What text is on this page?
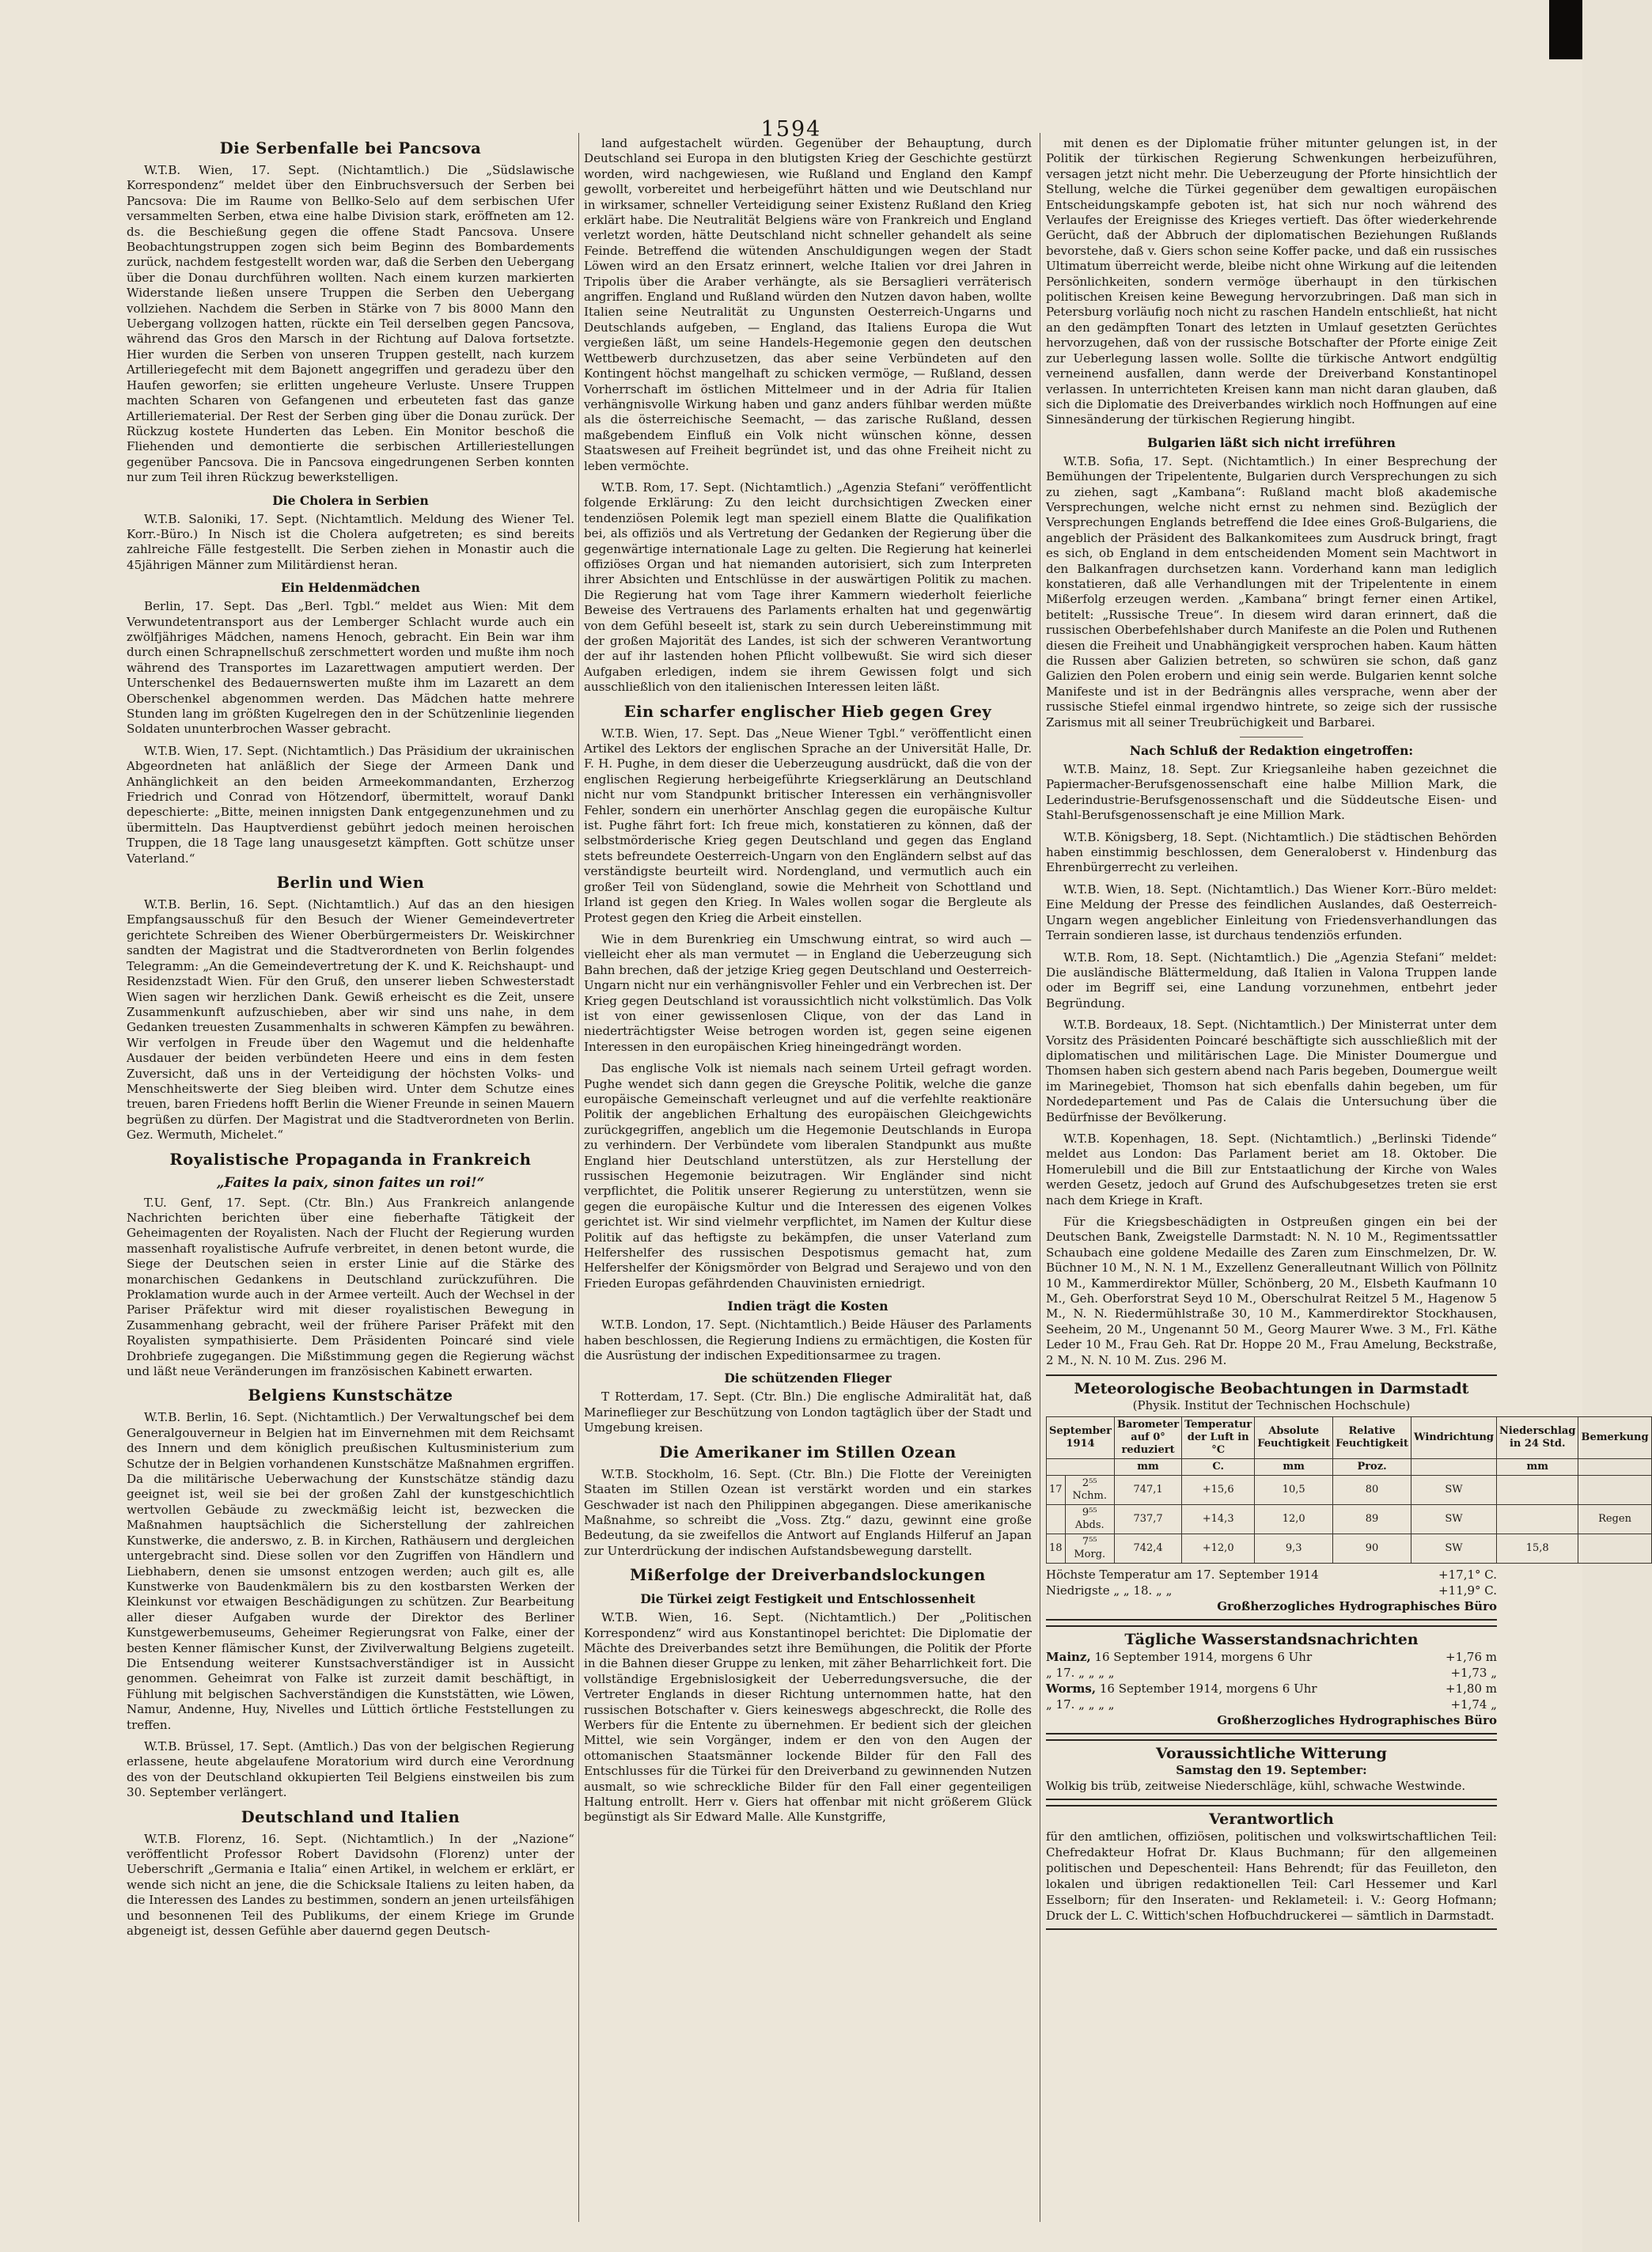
1594
Die Serbenfalle bei Pancsova
W.T.B. Wien, 17. Sept. (Nichtamtlich.) Die „Südslawische Korrespondenz“ meldet über den Einbruchsversuch der Serben bei Pancsova: Die im Raume von Bellko-Selo auf dem serbischen Ufer versammelten Serben, etwa eine halbe Division stark, eröffneten am 12. ds. die Beschießung gegen die offene Stadt Pancsova. Unsere Beobachtungstruppen zogen sich beim Beginn des Bombardements zurück, nachdem festgestellt worden war, daß die Serben den Uebergang über die Donau durchführen wollten. Nach einem kurzen markierten Widerstande ließen unsere Truppen die Serben den Uebergang vollziehen. Nachdem die Serben in Stärke von 7 bis 8000 Mann den Uebergang vollzogen hatten, rückte ein Teil derselben gegen Pancsova, während das Gros den Marsch in der Richtung auf Dalova fortsetzte. Hier wurden die Serben von unseren Truppen gestellt, nach kurzem Artilleriegefecht mit dem Bajonett angegriffen und geradezu über den Haufen geworfen; sie erlitten ungeheure Verluste. Unsere Truppen machten Scharen von Gefangenen und erbeuteten fast das ganze Artilleriematerial. Der Rest der Serben ging über die Donau zurück. Der Rückzug kostete Hunderten das Leben. Ein Monitor beschoß die Fliehenden und demontierte die serbischen Artilleriestellungen gegenüber Pancsova. Die in Pancsova eingedrungenen Serben konnten nur zum Teil ihren Rückzug bewerkstelligen.
Die Cholera in Serbien
W.T.B. Saloniki, 17. Sept. (Nichtamtlich. Meldung des Wiener Tel. Korr.-Büro.) In Nisch ist die Cholera aufgetreten; es sind bereits zahlreiche Fälle festgestellt. Die Serben ziehen in Monastir auch die 45jährigen Männer zum Militärdienst heran.
Ein Heldenmädchen
Berlin, 17. Sept. Das „Berl. Tgbl.“ meldet aus Wien: Mit dem Verwundetentransport aus der Lemberger Schlacht wurde auch ein zwölfjähriges Mädchen, namens Henoch, gebracht. Ein Bein war ihm durch einen Schrapnellschuß zerschmettert worden und mußte ihm noch während des Transportes im Lazarettwagen amputiert werden. Der Unterschenkel des Bedauernswerten mußte ihm im Lazarett an dem Oberschenkel abgenommen werden. Das Mädchen hatte mehrere Stunden lang im größten Kugelregen den in der Schützenlinie liegenden Soldaten ununterbrochen Wasser gebracht.
W.T.B. Wien, 17. Sept. (Nichtamtlich.) Das Präsidium der ukrainischen Abgeordneten hat anläßlich der Siege der Armeen Dank und Anhänglichkeit an den beiden Armeekommandanten, Erzherzog Friedrich und Conrad von Hötzendorf, übermittelt, worauf Dankl depeschierte: „Bitte, meinen innigsten Dank entgegenzunehmen und zu übermitteln. Das Hauptverdienst gebührt jedoch meinen heroischen Truppen, die 18 Tage lang unausgesetzt kämpften. Gott schütze unser Vaterland.“
Berlin und Wien
W.T.B. Berlin, 16. Sept. (Nichtamtlich.) Auf das an den hiesigen Empfangsausschuß für den Besuch der Wiener Gemeindevertreter gerichtete Schreiben des Wiener Oberbürgermeisters Dr. Weiskirchner sandten der Magistrat und die Stadtverordneten von Berlin folgendes Telegramm: „An die Gemeindevertretung der K. und K. Reichshaupt- und Residenzstadt Wien. Für den Gruß, den unserer lieben Schwesterstadt Wien sagen wir herzlichen Dank. Gewiß erheischt es die Zeit, unsere Zusammenkunft aufzuschieben, aber wir sind uns nahe, in dem Gedanken treuesten Zusammenhalts in schweren Kämpfen zu bewähren. Wir verfolgen in Freude über den Wagemut und die heldenhafte Ausdauer der beiden verbündeten Heere und eins in dem festen Zuversicht, daß uns in der Verteidigung der höchsten Volks- und Menschheitswerte der Sieg bleiben wird. Unter dem Schutze eines treuen, baren Friedens hofft Berlin die Wiener Freunde in seinen Mauern begrüßen zu dürfen. Der Magistrat und die Stadtverordneten von Berlin. Gez. Wermuth, Michelet.“
Royalistische Propaganda in Frankreich
„Faites la paix, sinon faites un roi!“
T.U. Genf, 17. Sept. (Ctr. Bln.) Aus Frankreich anlangende Nachrichten berichten über eine fieberhafte Tätigkeit der Geheimagenten der Royalisten. Nach der Flucht der Regierung wurden massenhaft royalistische Aufrufe verbreitet, in denen betont wurde, die Siege der Deutschen seien in erster Linie auf die Stärke des monarchischen Gedankens in Deutschland zurückzuführen. Die Proklamation wurde auch in der Armee verteilt. Auch der Wechsel in der Pariser Präfektur wird mit dieser royalistischen Bewegung in Zusammenhang gebracht, weil der frühere Pariser Präfekt mit den Royalisten sympathisierte. Dem Präsidenten Poincaré sind viele Drohbriefe zugegangen. Die Mißstimmung gegen die Regierung wächst und läßt neue Veränderungen im französischen Kabinett erwarten.
Belgiens Kunstschätze
W.T.B. Berlin, 16. Sept. (Nichtamtlich.) Der Verwaltungschef bei dem Generalgouverneur in Belgien hat im Einvernehmen mit dem Reichsamt des Innern und dem königlich preußischen Kultusministerium zum Schutze der in Belgien vorhandenen Kunstschätze Maßnahmen ergriffen. Da die militärische Ueberwachung der Kunstschätze ständig dazu geeignet ist, weil sie bei der großen Zahl der kunstgeschichtlich wertvollen Gebäude zu zweckmäßig leicht ist, bezwecken die Maßnahmen hauptsächlich die Sicherstellung der zahlreichen Kunstwerke, die anderswo, z. B. in Kirchen, Rathäusern und dergleichen untergebracht sind. Diese sollen vor den Zugriffen von Händlern und Liebhabern, denen sie umsonst entzogen werden; auch gilt es, alle Kunstwerke von Baudenkmälern bis zu den kostbarsten Werken der Kleinkunst vor etwaigen Beschädigungen zu schützen. Zur Bearbeitung aller dieser Aufgaben wurde der Direktor des Berliner Kunstgewerbemuseums, Geheimer Regierungsrat von Falke, einer der besten Kenner flämischer Kunst, der Zivilverwaltung Belgiens zugeteilt. Die Entsendung weiterer Kunstsachverständiger ist in Aussicht genommen. Geheimrat von Falke ist zurzeit damit beschäftigt, in Fühlung mit belgischen Sachverständigen die Kunststätten, wie Löwen, Namur, Andenne, Huy, Nivelles und Lüttich örtliche Feststellungen zu treffen.
W.T.B. Brüssel, 17. Sept. (Amtlich.) Das von der belgischen Regierung erlassene, heute abgelaufene Moratorium wird durch eine Verordnung des von der Deutschland okkupierten Teil Belgiens einstweilen bis zum 30. September verlängert.
Deutschland und Italien
W.T.B. Florenz, 16. Sept. (Nichtamtlich.) In der „Nazione“ veröffentlicht Professor Robert Davidsohn (Florenz) unter der Ueberschrift „Germania e Italia“ einen Artikel, in welchem er erklärt, er wende sich nicht an jene, die die Schicksale Italiens zu leiten haben, da die Interessen des Landes zu bestimmen, sondern an jenen urteilsfähigen und besonnenen Teil des Publikums, der einem Kriege im Grunde abgeneigt ist, dessen Gefühle aber dauernd gegen Deutsch-
land aufgestachelt würden. Gegenüber der Behauptung, durch Deutschland sei Europa in den blutigsten Krieg der Geschichte gestürzt worden, wird nachgewiesen, wie Rußland und England den Kampf gewollt, vorbereitet und herbeigeführt hätten und wie Deutschland nur in wirksamer, schneller Verteidigung seiner Existenz Rußland den Krieg erklärt habe. Die Neutralität Belgiens wäre von Frankreich und England verletzt worden, hätte Deutschland nicht schneller gehandelt als seine Feinde. Betreffend die wütenden Anschuldigungen wegen der Stadt Löwen wird an den Ersatz erinnert, welche Italien vor drei Jahren in Tripolis über die Araber verhängte, als sie Bersaglieri verräterisch angriffen. England und Rußland würden den Nutzen davon haben, wollte Italien seine Neutralität zu Ungunsten Oesterreich-Ungarns und Deutschlands aufgeben, — England, das Italiens Europa die Wut vergießen läßt, um seine Handels-Hegemonie gegen den deutschen Wettbewerb durchzusetzen, das aber seine Verbündeten auf den Kontingent höchst mangelhaft zu schicken vermöge, — Rußland, dessen Vorherrschaft im östlichen Mittelmeer und in der Adria für Italien verhängnisvolle Wirkung haben und ganz anders fühlbar werden müßte als die österreichische Seemacht, — das zarische Rußland, dessen maßgebendem Einfluß ein Volk nicht wünschen könne, dessen Staatswesen auf Freiheit begründet ist, und das ohne Freiheit nicht zu leben vermöchte.
W.T.B. Rom, 17. Sept. (Nichtamtlich.) „Agenzia Stefani“ veröffentlicht folgende Erklärung: Zu den leicht durchsichtigen Zwecken einer tendenziösen Polemik legt man speziell einem Blatte die Qualifikation bei, als offiziös und als Vertretung der Gedanken der Regierung über die gegenwärtige internationale Lage zu gelten. Die Regierung hat keinerlei offiziöses Organ und hat niemanden autorisiert, sich zum Interpreten ihrer Absichten und Entschlüsse in der auswärtigen Politik zu machen. Die Regierung hat vom Tage ihrer Kammern wiederholt feierliche Beweise des Vertrauens des Parlaments erhalten hat und gegenwärtig von dem Gefühl beseelt ist, stark zu sein durch Uebereinstimmung mit der großen Majorität des Landes, ist sich der schweren Verantwortung der auf ihr lastenden hohen Pflicht vollbewußt. Sie wird sich dieser Aufgaben erledigen, indem sie ihrem Gewissen folgt und sich ausschließlich von den italienischen Interessen leiten läßt.
Ein scharfer englischer Hieb gegen Grey
W.T.B. Wien, 17. Sept. Das „Neue Wiener Tgbl.“ veröffentlicht einen Artikel des Lektors der englischen Sprache an der Universität Halle, Dr. F. H. Pughe, in dem dieser die Ueberzeugung ausdrückt, daß die von der englischen Regierung herbeigeführte Kriegserklärung an Deutschland nicht nur vom Standpunkt britischer Interessen ein verhängnisvoller Fehler, sondern ein unerhörter Anschlag gegen die europäische Kultur ist. Pughe fährt fort: Ich freue mich, konstatieren zu können, daß der selbstmörderische Krieg gegen Deutschland und gegen das England stets befreundete Oesterreich-Ungarn von den Engländern selbst auf das verständigste beurteilt wird. Nordengland, und vermutlich auch ein großer Teil von Südengland, sowie die Mehrheit von Schottland und Irland ist gegen den Krieg. In Wales wollen sogar die Bergleute als Protest gegen den Krieg die Arbeit einstellen.
Wie in dem Burenkrieg ein Umschwung eintrat, so wird auch — vielleicht eher als man vermutet — in England die Ueberzeugung sich Bahn brechen, daß der jetzige Krieg gegen Deutschland und Oesterreich-Ungarn nicht nur ein verhängnisvoller Fehler und ein Verbrechen ist. Der Krieg gegen Deutschland ist voraussichtlich nicht volkstümlich. Das Volk ist von einer gewissenlosen Clique, von der das Land in niederträchtigster Weise betrogen worden ist, gegen seine eigenen Interessen in den europäischen Krieg hineingedrängt worden.
Das englische Volk ist niemals nach seinem Urteil gefragt worden. Pughe wendet sich dann gegen die Greysche Politik, welche die ganze europäische Gemeinschaft verleugnet und auf die verfehlte reaktionäre Politik der angeblichen Erhaltung des europäischen Gleichgewichts zurückgegriffen, angeblich um die Hegemonie Deutschlands in Europa zu verhindern. Der Verbündete vom liberalen Standpunkt aus mußte England hier Deutschland unterstützen, als zur Herstellung der russischen Hegemonie beizutragen. Wir Engländer sind nicht verpflichtet, die Politik unserer Regierung zu unterstützen, wenn sie gegen die europäische Kultur und die Interessen des eigenen Volkes gerichtet ist. Wir sind vielmehr verpflichtet, im Namen der Kultur diese Politik auf das heftigste zu bekämpfen, die unser Vaterland zum Helfershelfer des russischen Despotismus gemacht hat, zum Helfershelfer der Königsmörder von Belgrad und Serajewo und von den Frieden Europas gefährdenden Chauvinisten erniedrigt.
Indien trägt die Kosten
W.T.B. London, 17. Sept. (Nichtamtlich.) Beide Häuser des Parlaments haben beschlossen, die Regierung Indiens zu ermächtigen, die Kosten für die Ausrüstung der indischen Expeditionsarmee zu tragen.
Die schützenden Flieger
T Rotterdam, 17. Sept. (Ctr. Bln.) Die englische Admiralität hat, daß Marineflieger zur Beschützung von London tagtäglich über der Stadt und Umgebung kreisen.
Die Amerikaner im Stillen Ozean
W.T.B. Stockholm, 16. Sept. (Ctr. Bln.) Die Flotte der Vereinigten Staaten im Stillen Ozean ist verstärkt worden und ein starkes Geschwader ist nach den Philippinen abgegangen. Diese amerikanische Maßnahme, so schreibt die „Voss. Ztg.“ dazu, gewinnt eine große Bedeutung, da sie zweifellos die Antwort auf Englands Hilferuf an Japan zur Unterdrückung der indischen Aufstandsbewegung darstellt.
Mißerfolge der Dreiverbandslockungen
Die Türkei zeigt Festigkeit und Entschlossenheit
W.T.B. Wien, 16. Sept. (Nichtamtlich.) Der „Politischen Korrespondenz“ wird aus Konstantinopel berichtet: Die Diplomatie der Mächte des Dreiverbandes setzt ihre Bemühungen, die Politik der Pforte in die Bahnen dieser Gruppe zu lenken, mit zäher Beharrlichkeit fort. Die vollständige Ergebnislosigkeit der Ueberredungsversuche, die der Vertreter Englands in dieser Richtung unternommen hatte, hat den russischen Botschafter v. Giers keineswegs abgeschreckt, die Rolle des Werbers für die Entente zu übernehmen. Er bedient sich der gleichen Mittel, wie sein Vorgänger, indem er den von den Augen der ottomanischen Staatsmänner lockende Bilder für den Fall des Entschlusses für die Türkei für den Dreiverband zu gewinnenden Nutzen ausmalt, so wie schreckliche Bilder für den Fall einer gegenteiligen Haltung entrollt. Herr v. Giers hat offenbar mit nicht größerem Glück begünstigt als Sir Edward Malle. Alle Kunstgriffe,
mit denen es der Diplomatie früher mitunter gelungen ist, in der Politik der türkischen Regierung Schwenkungen herbeizuführen, versagen jetzt nicht mehr. Die Ueberzeugung der Pforte hinsichtlich der Stellung, welche die Türkei gegenüber dem gewaltigen europäischen Entscheidungskampfe geboten ist, hat sich nur noch während des Verlaufes der Ereignisse des Krieges vertieft. Das öfter wiederkehrende Gerücht, daß der Abbruch der diplomatischen Beziehungen Rußlands bevorstehe, daß v. Giers schon seine Koffer packe, und daß ein russisches Ultimatum überreicht werde, bleibe nicht ohne Wirkung auf die leitenden Persönlichkeiten, sondern vermöge überhaupt in den türkischen politischen Kreisen keine Bewegung hervorzubringen. Daß man sich in Petersburg vorläufig noch nicht zu raschen Handeln entschließt, hat nicht an den gedämpften Tonart des letzten in Umlauf gesetzten Gerüchtes hervorzugehen, daß von der russische Botschafter der Pforte einige Zeit zur Ueberlegung lassen wolle. Sollte die türkische Antwort endgültig verneinend ausfallen, dann werde der Dreiverband Konstantinopel verlassen. In unterrichteten Kreisen kann man nicht daran glauben, daß sich die Diplomatie des Dreiverbandes wirklich noch Hoffnungen auf eine Sinnesänderung der türkischen Regierung hingibt.
Bulgarien läßt sich nicht irreführen
W.T.B. Sofia, 17. Sept. (Nichtamtlich.) In einer Besprechung der Bemühungen der Tripelentente, Bulgarien durch Versprechungen zu sich zu ziehen, sagt „Kambana“: Rußland macht bloß akademische Versprechungen, welche nicht ernst zu nehmen sind. Bezüglich der Versprechungen Englands betreffend die Idee eines Groß-Bulgariens, die angeblich der Präsident des Balkankomitees zum Ausdruck bringt, fragt es sich, ob England in dem entscheidenden Moment sein Machtwort in den Balkanfragen durchsetzen kann. Vorderhand kann man lediglich konstatieren, daß alle Verhandlungen mit der Tripelentente in einem Mißerfolg erzeugen werden. „Kambana“ bringt ferner einen Artikel, betitelt: „Russische Treue“. In diesem wird daran erinnert, daß die russischen Oberbefehlshaber durch Manifeste an die Polen und Ruthenen diesen die Freiheit und Unabhängigkeit versprochen haben. Kaum hätten die Russen aber Galizien betreten, so schwüren sie schon, daß ganz Galizien den Polen erobern und einig sein werde. Bulgarien kennt solche Manifeste und ist in der Bedrängnis alles versprache, wenn aber der russische Stiefel einmal irgendwo hintrete, so zeige sich der russische Zarismus mit all seiner Treubrüchigkeit und Barbarei.
Nach Schluß der Redaktion eingetroffen:
W.T.B. Mainz, 18. Sept. Zur Kriegsanleihe haben gezeichnet die Papiermacher-Berufsgenossenschaft eine halbe Million Mark, die Lederindustrie-Berufsgenossenschaft und die Süddeutsche Eisen- und Stahl-Berufsgenossenschaft je eine Million Mark.
W.T.B. Königsberg, 18. Sept. (Nichtamtlich.) Die städtischen Behörden haben einstimmig beschlossen, dem Generaloberst v. Hindenburg das Ehrenbürgerrecht zu verleihen.
W.T.B. Wien, 18. Sept. (Nichtamtlich.) Das Wiener Korr.-Büro meldet: Eine Meldung der Presse des feindlichen Auslandes, daß Oesterreich-Ungarn wegen angeblicher Einleitung von Friedensverhandlungen das Terrain sondieren lasse, ist durchaus tendenziös erfunden.
W.T.B. Rom, 18. Sept. (Nichtamtlich.) Die „Agenzia Stefani“ meldet: Die ausländische Blättermeldung, daß Italien in Valona Truppen lande oder im Begriff sei, eine Landung vorzunehmen, entbehrt jeder Begründung.
W.T.B. Bordeaux, 18. Sept. (Nichtamtlich.) Der Ministerrat unter dem Vorsitz des Präsidenten Poincaré beschäftigte sich ausschließlich mit der diplomatischen und militärischen Lage. Die Minister Doumergue und Thomsen haben sich gestern abend nach Paris begeben, Doumergue weilt im Marinegebiet, Thomson hat sich ebenfalls dahin begeben, um für Nordedepartement und Pas de Calais die Untersuchung über die Bedürfnisse der Bevölkerung.
W.T.B. Kopenhagen, 18. Sept. (Nichtamtlich.) „Berlinski Tidende“ meldet aus London: Das Parlament beriet am 18. Oktober. Die Homerulebill und die Bill zur Entstaatlichung der Kirche von Wales werden Gesetz, jedoch auf Grund des Aufschubgesetzes treten sie erst nach dem Kriege in Kraft.
Für die Kriegsbeschädigten in Ostpreußen gingen ein bei der Deutschen Bank, Zweigstelle Darmstadt: N. N. 10 M., Regimentssattler Schaubach eine goldene Medaille des Zaren zum Einschmelzen, Dr. W. Büchner 10 M., N. N. 1 M., Exzellenz Generalleutnant Willich von Pöllnitz 10 M., Kammerdirektor Müller, Schönberg, 20 M., Elsbeth Kaufmann 10 M., Geh. Oberforstrat Seyd 10 M., Oberschulrat Reitzel 5 M., Hagenow 5 M., N. N. Riedermühlstraße 30, 10 M., Kammerdirektor Stockhausen, Seeheim, 20 M., Ungenannt 50 M., Georg Maurer Wwe. 3 M., Frl. Käthe Leder 10 M., Frau Geh. Rat Dr. Hoppe 20 M., Frau Amelung, Beckstraße, 2 M., N. N. 10 M. Zus. 296 M.
Meteorologische Beobachtungen in Darmstadt
(Physik. Institut der Technischen Hochschule)
September 1914		Barometer auf 0° reduziert	Temperatur der Luft in °C	Absolute Feuchtigkeit	Relative Feuchtigkeit	Windrichtung	Niederschlag in 24 Std.	Bemerkung
		mm	C.	mm	Proz.		mm	
17	2⁵⁵ Nchm.	747,1	+15,6	10,5	80	SW		
	9⁵⁵ Abds.	737,7	+14,3	12,0	89	SW		Regen
18	7⁵⁵ Morg.	742,4	+12,0	9,3	90	SW	15,8	
Höchste Temperatur am 17. September 1914	+17,1° C.
Niedrigste „ „ 18. „ „	+11,9° C.
Großherzogliches Hydrographisches Büro
Tägliche Wasserstandsnachrichten
Mainz, 16 September 1914, morgens 6 Uhr	+1,76 m
„ 17. „ „ „ „	+1,73 „
Worms, 16 September 1914, morgens 6 Uhr	+1,80 m
„ 17. „ „ „ „	+1,74 „
Großherzogliches Hydrographisches Büro
Voraussichtliche Witterung
Samstag den 19. September:
Wolkig bis trüb, zeitweise Niederschläge, kühl, schwache Westwinde.
Verantwortlich
für den amtlichen, offiziösen, politischen und volkswirtschaftlichen Teil: Chefredakteur Hofrat Dr. Klaus Buchmann; für den allgemeinen politischen und Depeschenteil: Hans Behrendt; für das Feuilleton, den lokalen und übrigen redaktionellen Teil: Carl Hessemer und Karl Esselborn; für den Inseraten- und Reklameteil: i. V.: Georg Hofmann; Druck der L. C. Wittich'schen Hofbuchdruckerei — sämtlich in Darmstadt.
